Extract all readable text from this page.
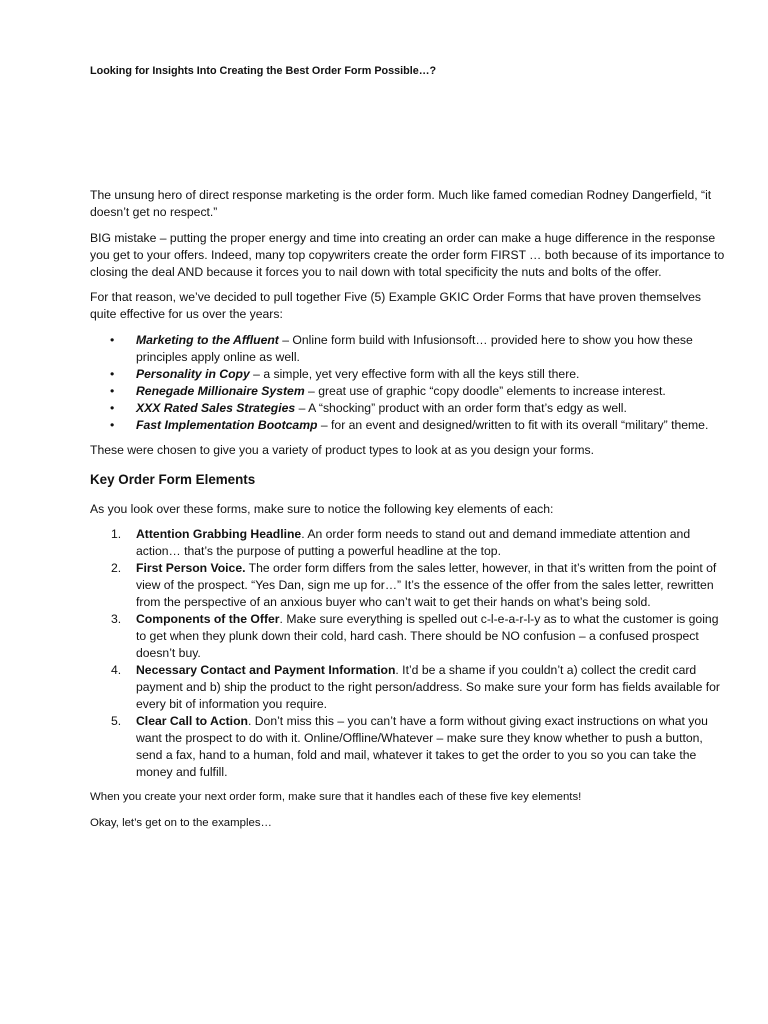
Looking for Insights Into Creating the Best Order Form Possible…?

The unsung hero of direct response marketing is the order form. Much like famed comedian Rodney Dangerfield, “it doesn’t get no respect.”

BIG mistake – putting the proper energy and time into creating an order can make a huge difference in the response you get to your offers. Indeed, many top copywriters create the order form FIRST … both because of its importance to closing the deal AND because it forces you to nail down with total specificity the nuts and bolts of the offer.

For that reason, we’ve decided to pull together Five (5) Example GKIC Order Forms that have proven themselves quite effective for us over the years:

• Marketing to the Affluent – Online form build with Infusionsoft… provided here to show you how these principles apply online as well.
• Personality in Copy – a simple, yet very effective form with all the keys still there.
• Renegade Millionaire System – great use of graphic “copy doodle” elements to increase interest.
• XXX Rated Sales Strategies – A “shocking” product with an order form that’s edgy as well.
• Fast Implementation Bootcamp – for an event and designed/written to fit with its overall “military” theme.

These were chosen to give you a variety of product types to look at as you design your forms.

Key Order Form Elements

As you look over these forms, make sure to notice the following key elements of each:

1. Attention Grabbing Headline. An order form needs to stand out and demand immediate attention and action… that’s the purpose of putting a powerful headline at the top.
2. First Person Voice. The order form differs from the sales letter, however, in that it’s written from the point of view of the prospect. “Yes Dan, sign me up for…” It’s the essence of the offer from the sales letter, rewritten from the perspective of an anxious buyer who can’t wait to get their hands on what’s being sold.
3. Components of the Offer. Make sure everything is spelled out c-l-e-a-r-l-y as to what the customer is going to get when they plunk down their cold, hard cash. There should be NO confusion – a confused prospect doesn’t buy.
4. Necessary Contact and Payment Information. It’d be a shame if you couldn’t a) collect the credit card payment and b) ship the product to the right person/address. So make sure your form has fields available for every bit of information you require.
5. Clear Call to Action. Don’t miss this – you can’t have a form without giving exact instructions on what you want the prospect to do with it. Online/Offline/Whatever – make sure they know whether to push a button, send a fax, hand to a human, fold and mail, whatever it takes to get the order to you so you can take the money and fulfill.

When you create your next order form, make sure that it handles each of these five key elements!

Okay, let’s get on to the examples…
